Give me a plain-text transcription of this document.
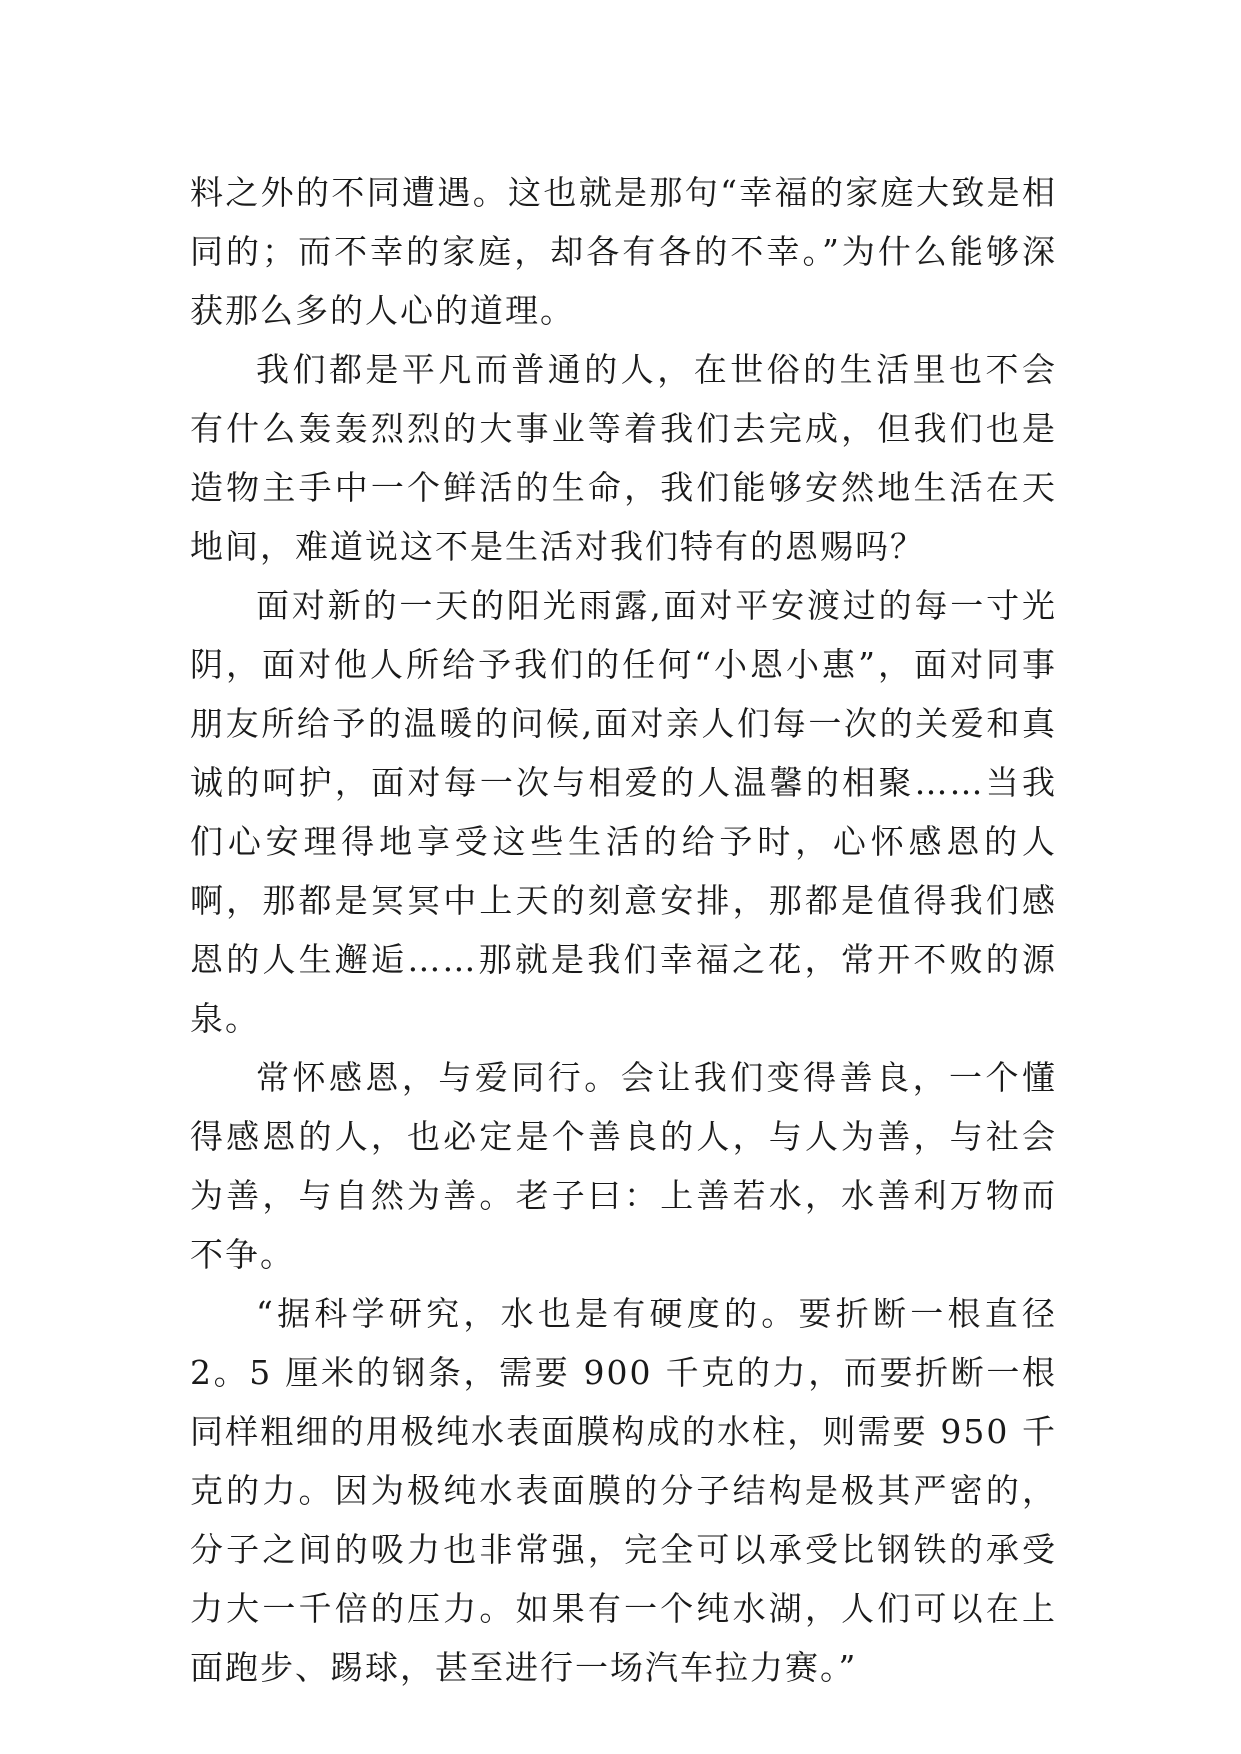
料之外的不同遭遇。这也就是那句“幸福的家庭大致是相同的；而不幸的家庭，却各有各的不幸。”为什么能够深获那么多的人心的道理。

我们都是平凡而普通的人，在世俗的生活里也不会有什么轰轰烈烈的大事业等着我们去完成，但我们也是造物主手中一个鲜活的生命，我们能够安然地生活在天地间，难道说这不是生活对我们特有的恩赐吗？

面对新的一天的阳光雨露,面对平安渡过的每一寸光阴，面对他人所给予我们的任何“小恩小惠”，面对同事朋友所给予的温暖的问候,面对亲人们每一次的关爱和真诚的呵护，面对每一次与相爱的人温馨的相聚……当我们心安理得地享受这些生活的给予时，心怀感恩的人啊，那都是冥冥中上天的刻意安排，那都是值得我们感恩的人生邂逅……那就是我们幸福之花，常开不败的源泉。

常怀感恩，与爱同行。会让我们变得善良，一个懂得感恩的人，也必定是个善良的人，与人为善，与社会为善，与自然为善。老子曰：上善若水，水善利万物而不争。

“据科学研究，水也是有硬度的。要折断一根直径 2。5 厘米的钢条，需要 900 千克的力，而要折断一根同样粗细的用极纯水表面膜构成的水柱，则需要 950 千克的力。因为极纯水表面膜的分子结构是极其严密的，分子之间的吸力也非常强，完全可以承受比钢铁的承受力大一千倍的压力。如果有一个纯水湖，人们可以在上面跑步、踢球，甚至进行一场汽车拉力赛。”
